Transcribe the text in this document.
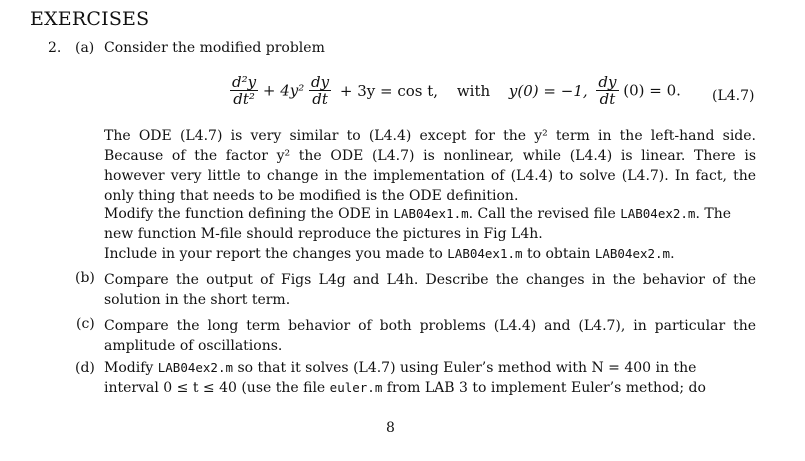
EXERCISES
2. (a) Consider the modified problem
$\frac{\text{d²y}}{\text{dt²}} + 4y^2 \frac{dy}{dt} + 3y = \cos t$, with y(0) = −1, $\frac{dy}{dt} (0) = 0$. (L4.7)
The ODE (L4.7) is very similar to (L4.4) except for the y² term in the left-hand side. Because of the factor y² the ODE (L4.7) is nonlinear, while (L4.4) is linear. There is however very little to change in the implementation of (L4.4) to solve (L4.7). In fact, the only thing that needs to be modified is the ODE definition.
Modify the function defining the ODE in LAB04ex1.m. Call the revised file LAB04ex2.m. The
new function M-file should reproduce the pictures in Fig L4h.
Include in your report the changes you made to LAB04ex1.m to obtain LAB04ex2.m.
(b) Compare the output of Figs L4g and L4h. Describe the changes in the behavior of the solution in the short term.
(c) Compare the long term behavior of both problems (L4.4) and (L4.7), in particular the amplitude of oscillations.
(d) Modify LAB04ex2.m so that it solves (L4.7) using Euler’s method with N = 400 in the
interval 0 ≤ t ≤ 40 (use the file euler.m from LAB 3 to implement Euler’s method; do
8
